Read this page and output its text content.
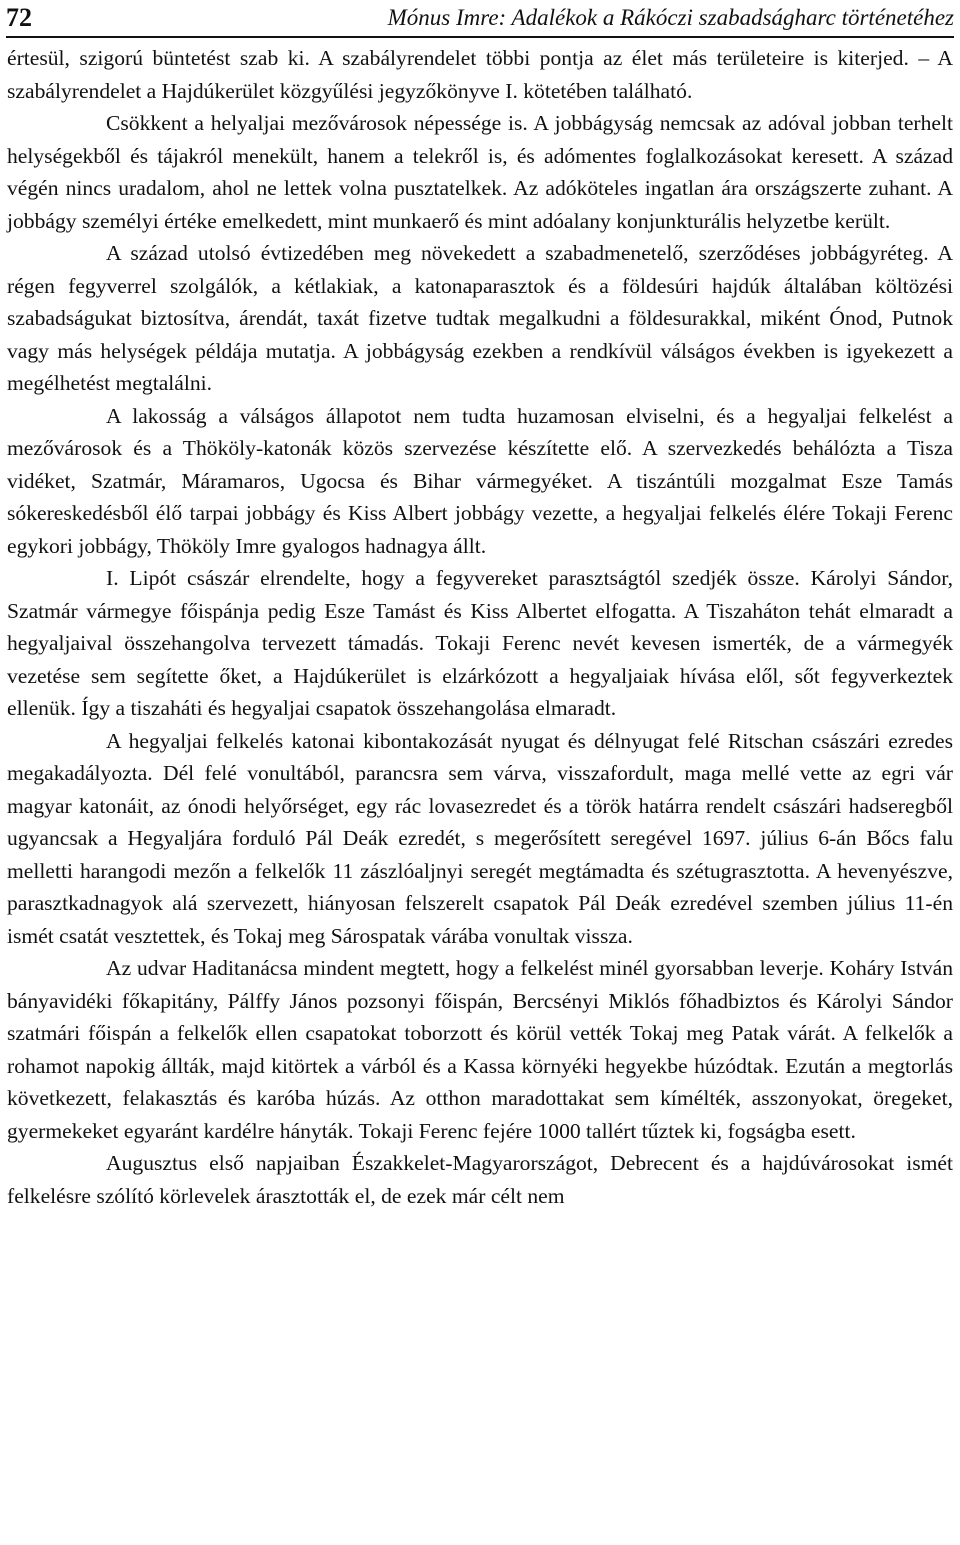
72	Mónus Imre: Adalékok a Rákóczi szabadságharc történetéhez

értesül, szigorú büntetést szab ki. A szabályrendelet többi pontja az élet más területeire is kiterjed. – A szabályrendelet a Hajdúkerület közgyűlési jegyzőkönyve I. kötetében található.

Csökkent a helyaljai mezővárosok népessége is. A jobbágyság nemcsak az adóval jobban terhelt helységekből és tájakról menekült, hanem a telekről is, és adómentes foglalkozásokat keresett. A század végén nincs uradalom, ahol ne lettek volna pusztatelkek. Az adóköteles ingatlan ára országszerte zuhant. A jobbágy személyi értéke emelkedett, mint munkaerő és mint adóalany konjunkturális helyzetbe került.

A század utolsó évtizedében meg növekedett a szabadmenetelő, szerződéses jobbágyréteg. A régen fegyverrel szolgálók, a kétlakiak, a katonaparasztok és a földesúri hajdúk általában költözési szabadságukat biztosítva, árendát, taxát fizetve tudtak megalkudni a földesurakkal, miként Ónod, Putnok vagy más helységek példája mutatja. A jobbágyság ezekben a rendkívül válságos években is igyekezett a megélhetést megtalálni.

A lakosság a válságos állapotot nem tudta huzamosan elviselni, és a hegyaljai felkelést a mezővárosok és a Thököly-katonák közös szervezése készítette elő. A szervezkedés behálózta a Tisza vidéket, Szatmár, Máramaros, Ugocsa és Bihar vármegyéket. A tiszántúli mozgalmat Esze Tamás sókereskedésből élő tarpai jobbágy és Kiss Albert jobbágy vezette, a hegyaljai felkelés élére Tokaji Ferenc egykori jobbágy, Thököly Imre gyalogos hadnagya állt.

I. Lipót császár elrendelte, hogy a fegyvereket parasztságtól szedjék össze. Károlyi Sándor, Szatmár vármegye főispánja pedig Esze Tamást és Kiss Albertet elfogatta. A Tiszaháton tehát elmaradt a hegyaljaival összehangolva tervezett támadás. Tokaji Ferenc nevét kevesen ismerték, de a vármegyék vezetése sem segítette őket, a Hajdúkerület is elzárkózott a hegyaljaiak hívása elől, sőt fegyverkeztek ellenük. Így a tiszaháti és hegyaljai csapatok összehangolása elmaradt.

A hegyaljai felkelés katonai kibontakozását nyugat és délnyugat felé Ritschan császári ezredes megakadályozta. Dél felé vonultából, parancsra sem várva, visszafordult, maga mellé vette az egri vár magyar katonáit, az ónodi helyőrséget, egy rác lovasezredet és a török határra rendelt császári hadseregből ugyancsak a Hegyaljára forduló Pál Deák ezredét, s megerősített seregével 1697. július 6-án Bőcs falu melletti harangodi mezőn a felkelők 11 zászlóaljnyi seregét megtámadta és szétugrasztotta. A hevenyészve, parasztkadnagyok alá szervezett, hiányosan felszerelt csapatok Pál Deák ezredével szemben július 11-én ismét csatát vesztettek, és Tokaj meg Sárospatak várába vonultak vissza.

Az udvar Haditanácsa mindent megtett, hogy a felkelést minél gyorsabban leverje. Koháry István bányavidéki főkapitány, Pálffy János pozsonyi főispán, Bercsényi Miklós főhadbiztos és Károlyi Sándor szatmári főispán a felkelők ellen csapatokat toborzott és körül vették Tokaj meg Patak várát. A felkelők a rohamot napokig állták, majd kitörtek a várból és a Kassa környéki hegyekbe húzódtak. Ezután a megtorlás következett, felakasztás és karóba húzás. Az otthon maradottakat sem kímélték, asszonyokat, öregeket, gyermekeket egyaránt kardélre hányták. Tokaji Ferenc fejére 1000 tallért tűztek ki, fogságba esett.

Augusztus első napjaiban Északkelet-Magyarországot, Debrecent és a hajdúvárosokat ismét felkelésre szólító körlevelek árasztották el, de ezek már célt nem
